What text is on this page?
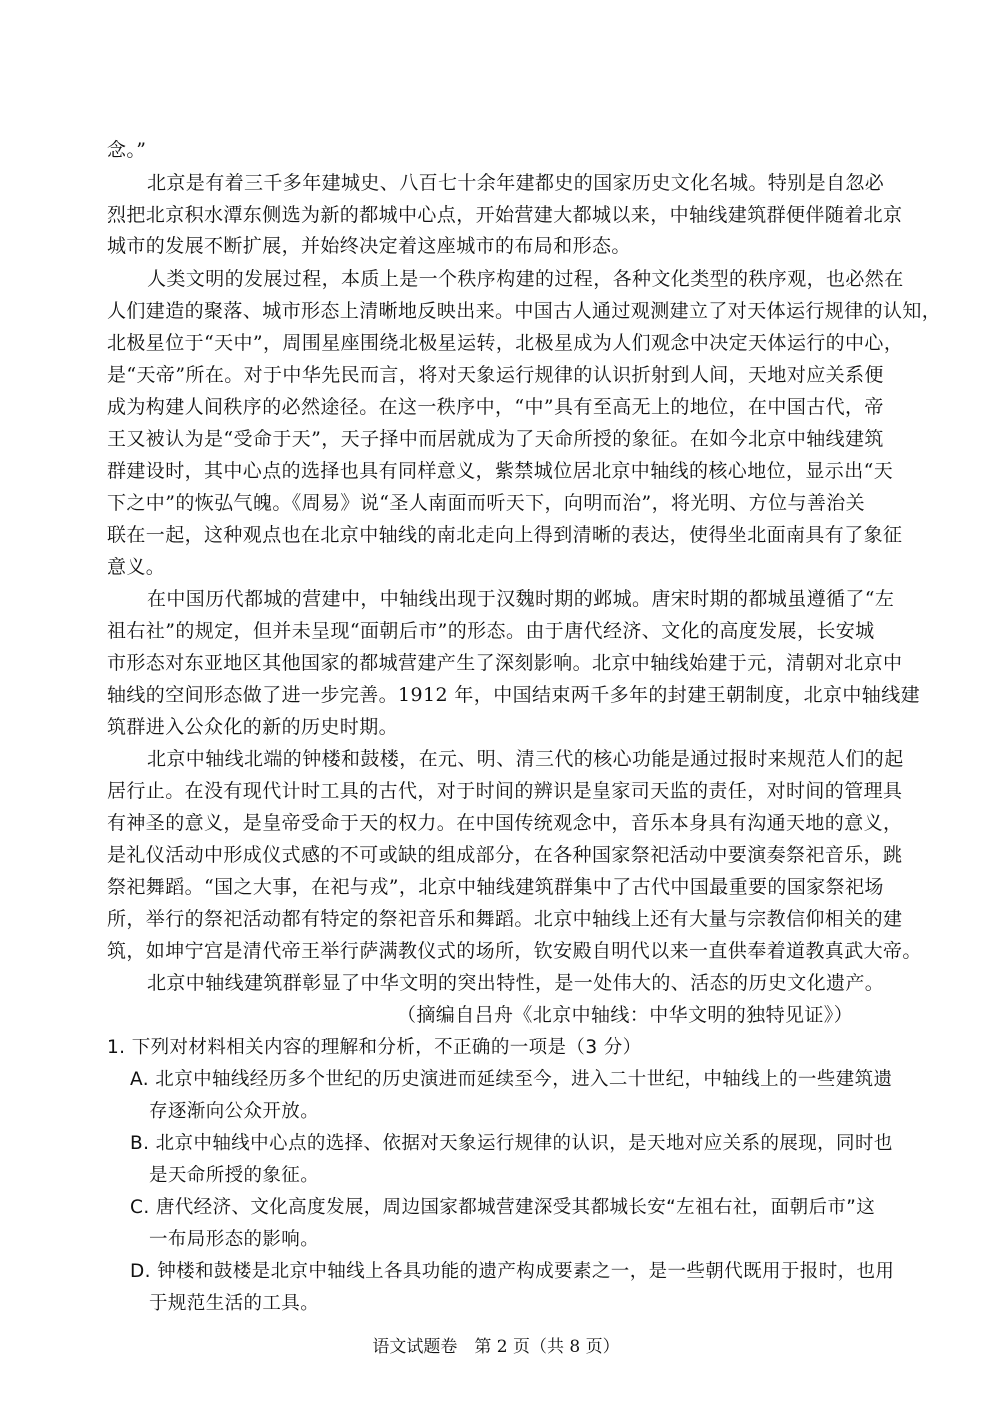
念。”
北京是有着三千多年建城史、八百七十余年建都史的国家历史文化名城。特别是自忽必
烈把北京积水潭东侧选为新的都城中心点，开始营建大都城以来，中轴线建筑群便伴随着北京
城市的发展不断扩展，并始终决定着这座城市的布局和形态。
人类文明的发展过程，本质上是一个秩序构建的过程，各种文化类型的秩序观，也必然在
人们建造的聚落、城市形态上清晰地反映出来。中国古人通过观测建立了对天体运行规律的认知，
北极星位于“天中”，周围星座围绕北极星运转，北极星成为人们观念中决定天体运行的中心，
是“天帝”所在。对于中华先民而言，将对天象运行规律的认识折射到人间，天地对应关系便
成为构建人间秩序的必然途径。在这一秩序中，“中”具有至高无上的地位，在中国古代，帝
王又被认为是“受命于天”，天子择中而居就成为了天命所授的象征。在如今北京中轴线建筑
群建设时，其中心点的选择也具有同样意义，紫禁城位居北京中轴线的核心地位，显示出“天
下之中”的恢弘气魄。《周易》说“圣人南面而听天下，向明而治”，将光明、方位与善治关
联在一起，这种观点也在北京中轴线的南北走向上得到清晰的表达，使得坐北面南具有了象征
意义。
在中国历代都城的营建中，中轴线出现于汉魏时期的邺城。唐宋时期的都城虽遵循了“左
祖右社”的规定，但并未呈现“面朝后市”的形态。由于唐代经济、文化的高度发展，长安城
市形态对东亚地区其他国家的都城营建产生了深刻影响。北京中轴线始建于元，清朝对北京中
轴线的空间形态做了进一步完善。1912 年，中国结束两千多年的封建王朝制度，北京中轴线建
筑群进入公众化的新的历史时期。
北京中轴线北端的钟楼和鼓楼，在元、明、清三代的核心功能是通过报时来规范人们的起
居行止。在没有现代计时工具的古代，对于时间的辨识是皇家司天监的责任，对时间的管理具
有神圣的意义，是皇帝受命于天的权力。在中国传统观念中，音乐本身具有沟通天地的意义，
是礼仪活动中形成仪式感的不可或缺的组成部分，在各种国家祭祀活动中要演奏祭祀音乐，跳
祭祀舞蹈。“国之大事，在祀与戎”，北京中轴线建筑群集中了古代中国最重要的国家祭祀场
所，举行的祭祀活动都有特定的祭祀音乐和舞蹈。北京中轴线上还有大量与宗教信仰相关的建
筑，如坤宁宫是清代帝王举行萨满教仪式的场所，钦安殿自明代以来一直供奉着道教真武大帝。
北京中轴线建筑群彰显了中华文明的突出特性，是一处伟大的、活态的历史文化遗产。
（摘编自吕舟《北京中轴线：中华文明的独特见证》）
1. 下列对材料相关内容的理解和分析，不正确的一项是（3 分）
A. 北京中轴线经历多个世纪的历史演进而延续至今，进入二十世纪，中轴线上的一些建筑遗
存逐渐向公众开放。
B. 北京中轴线中心点的选择、依据对天象运行规律的认识，是天地对应关系的展现，同时也
是天命所授的象征。
C. 唐代经济、文化高度发展，周边国家都城营建深受其都城长安“左祖右社，面朝后市”这
一布局形态的影响。
D. 钟楼和鼓楼是北京中轴线上各具功能的遗产构成要素之一，是一些朝代既用于报时，也用
于规范生活的工具。
语文试题卷　第 2 页（共 8 页）
